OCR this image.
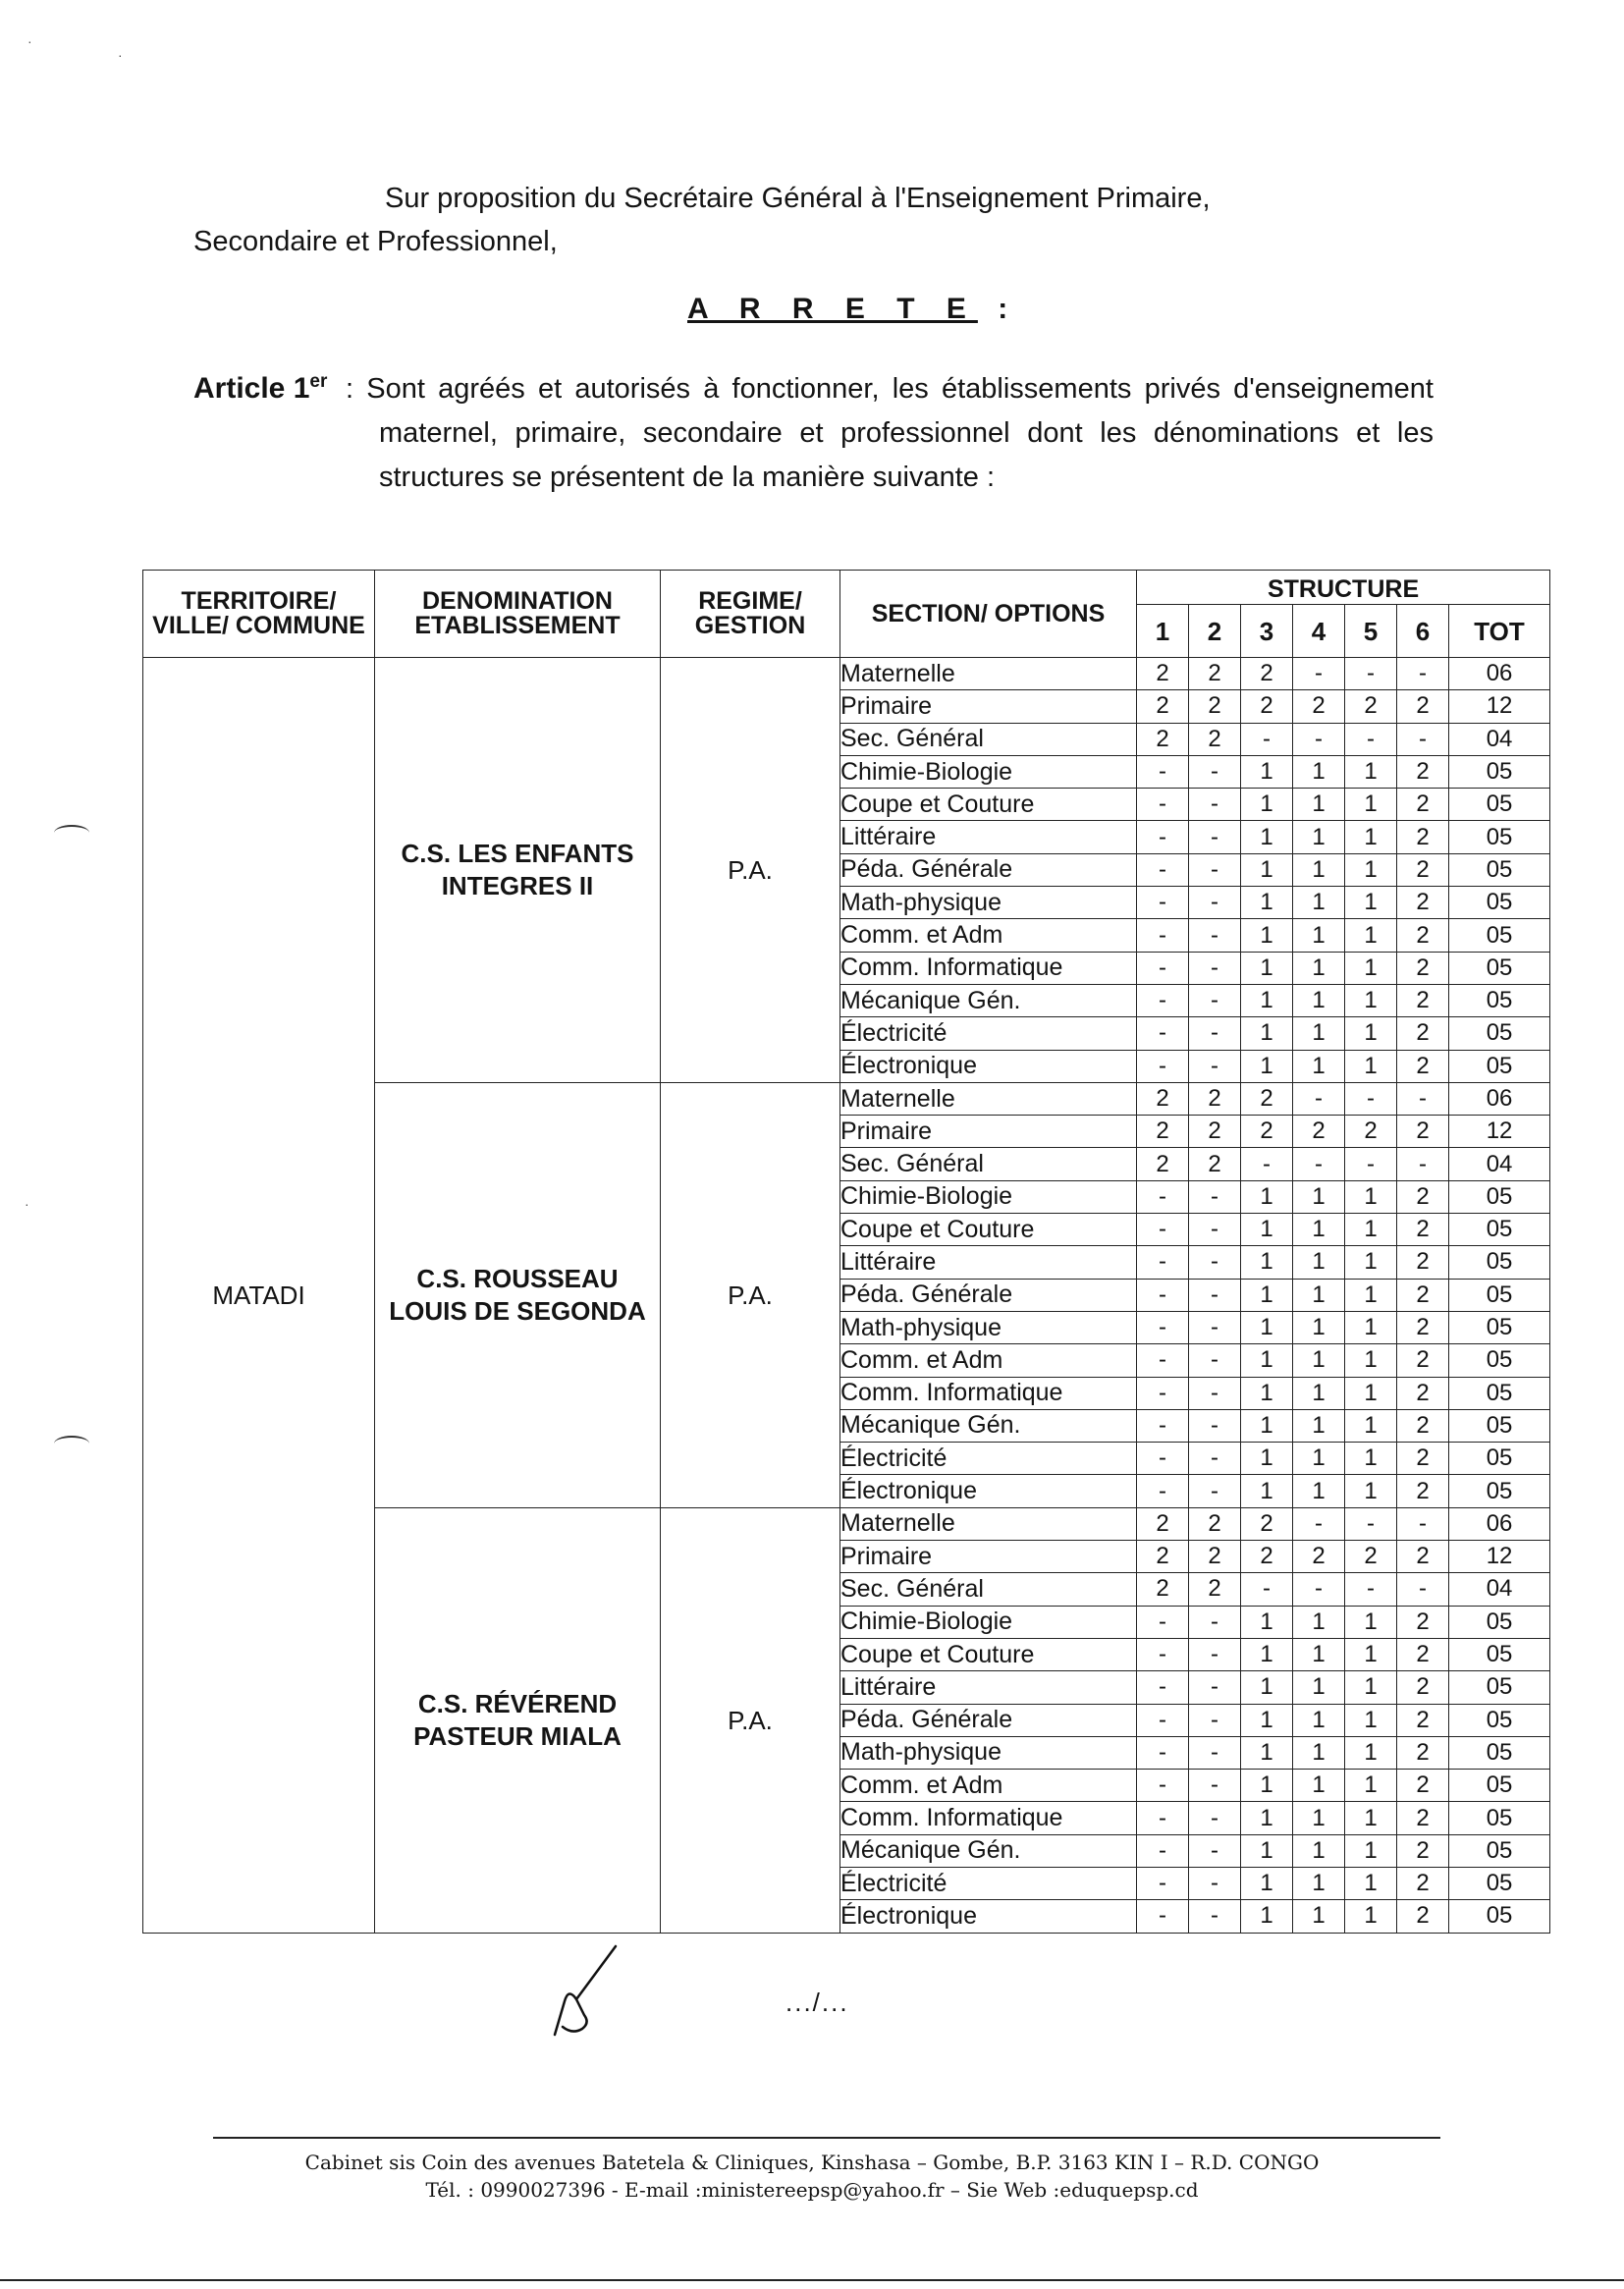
·
·
·
Sur proposition du Secrétaire Général à l'Enseignement Primaire,
Secondaire et Professionnel,
A R R E T E :
Article 1er : Sont agréés et autorisés à fonctionner, les établissements privés d'enseignement maternel, primaire, secondaire et professionnel dont les dénominations et les structures se présentent de la manière suivante :
TERRITOIRE/ VILLE/ COMMUNE	DENOMINATION ETABLISSEMENT	REGIME/ GESTION	SECTION/ OPTIONS	STRUCTURE						
				1	2	3	4	5	6	TOT
MATADI	C.S. LES ENFANTS INTEGRES II	P.A.	Maternelle	2	2	2	-	-	-	06
			Primaire	2	2	2	2	2	2	12
			Sec. Général	2	2	-	-	-	-	04
			Chimie-Biologie	-	-	1	1	1	2	05
			Coupe et Couture	-	-	1	1	1	2	05
			Littéraire	-	-	1	1	1	2	05
			Péda. Générale	-	-	1	1	1	2	05
			Math-physique	-	-	1	1	1	2	05
			Comm. et Adm	-	-	1	1	1	2	05
			Comm. Informatique	-	-	1	1	1	2	05
			Mécanique Gén.	-	-	1	1	1	2	05
			Électricité	-	-	1	1	1	2	05
			Électronique	-	-	1	1	1	2	05
	C.S. ROUSSEAU LOUIS DE SEGONDA	P.A.	Maternelle	2	2	2	-	-	-	06
			Primaire	2	2	2	2	2	2	12
			Sec. Général	2	2	-	-	-	-	04
			Chimie-Biologie	-	-	1	1	1	2	05
			Coupe et Couture	-	-	1	1	1	2	05
			Littéraire	-	-	1	1	1	2	05
			Péda. Générale	-	-	1	1	1	2	05
			Math-physique	-	-	1	1	1	2	05
			Comm. et Adm	-	-	1	1	1	2	05
			Comm. Informatique	-	-	1	1	1	2	05
			Mécanique Gén.	-	-	1	1	1	2	05
			Électricité	-	-	1	1	1	2	05
			Électronique	-	-	1	1	1	2	05
	C.S. RÉVÉREND PASTEUR MIALA	P.A.	Maternelle	2	2	2	-	-	-	06
			Primaire	2	2	2	2	2	2	12
			Sec. Général	2	2	-	-	-	-	04
			Chimie-Biologie	-	-	1	1	1	2	05
			Coupe et Couture	-	-	1	1	1	2	05
			Littéraire	-	-	1	1	1	2	05
			Péda. Générale	-	-	1	1	1	2	05
			Math-physique	-	-	1	1	1	2	05
			Comm. et Adm	-	-	1	1	1	2	05
			Comm. Informatique	-	-	1	1	1	2	05
			Mécanique Gén.	-	-	1	1	1	2	05
			Électricité	-	-	1	1	1	2	05
			Électronique	-	-	1	1	1	2	05
.../...
Cabinet sis Coin des avenues Batetela & Cliniques, Kinshasa – Gombe, B.P. 3163 KIN I – R.D. CONGO
Tél. : 0990027396 - E-mail :ministereepsp@yahoo.fr – Sie Web :eduquepsp.cd
